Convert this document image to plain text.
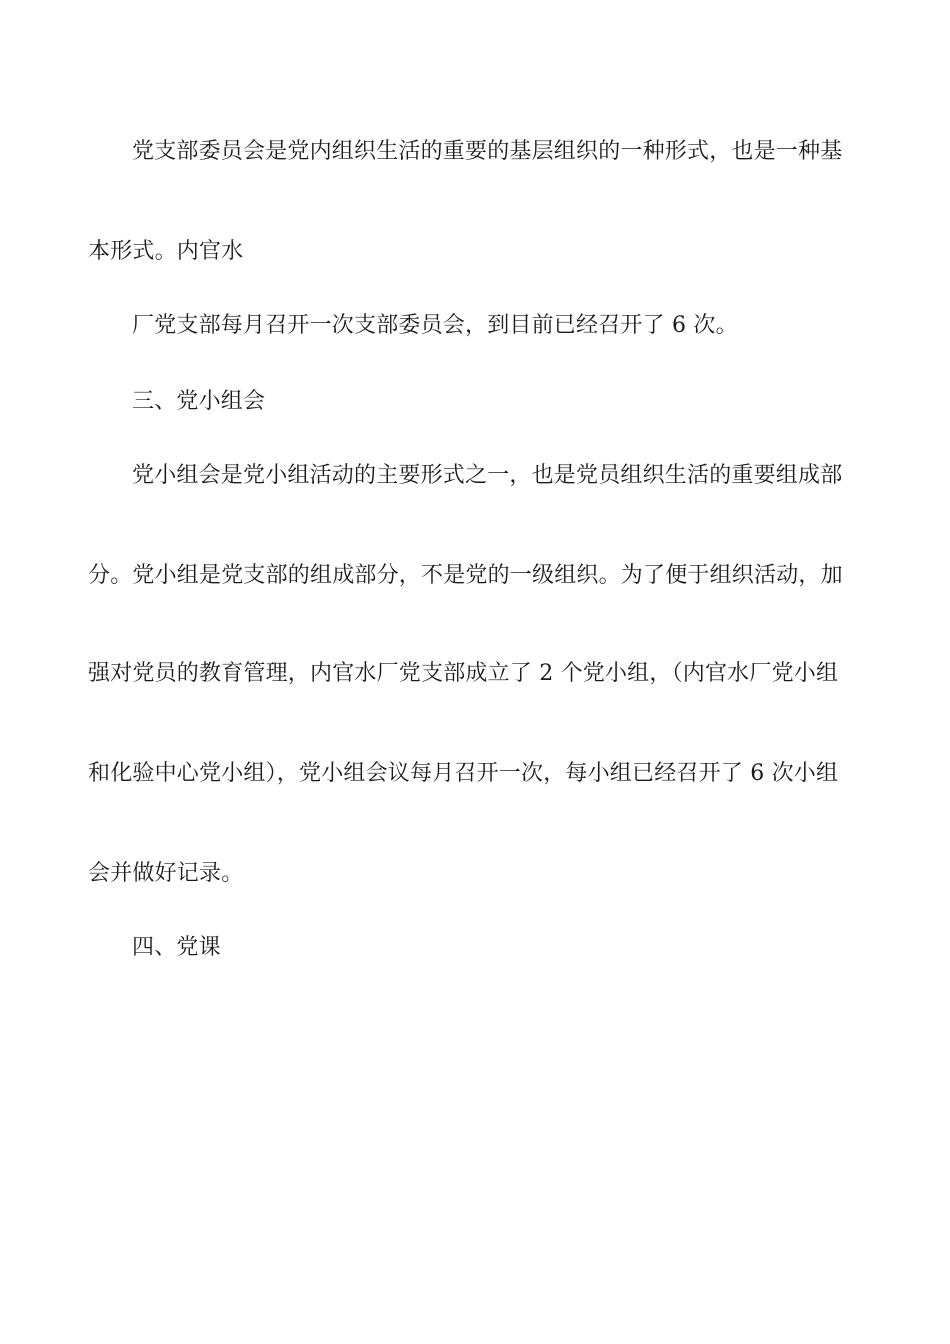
党支部委员会是党内组织生活的重要的基层组织的一种形式，也是一种基
本形式。内官水
厂党支部每月召开一次支部委员会，到目前已经召开了 6 次。
三、党小组会
党小组会是党小组活动的主要形式之一，也是党员组织生活的重要组成部
分。党小组是党支部的组成部分，不是党的一级组织。为了便于组织活动，加
强对党员的教育管理，内官水厂党支部成立了 2 个党小组，（内官水厂党小组
和化验中心党小组），党小组会议每月召开一次，每小组已经召开了 6 次小组
会并做好记录。
四、党课
